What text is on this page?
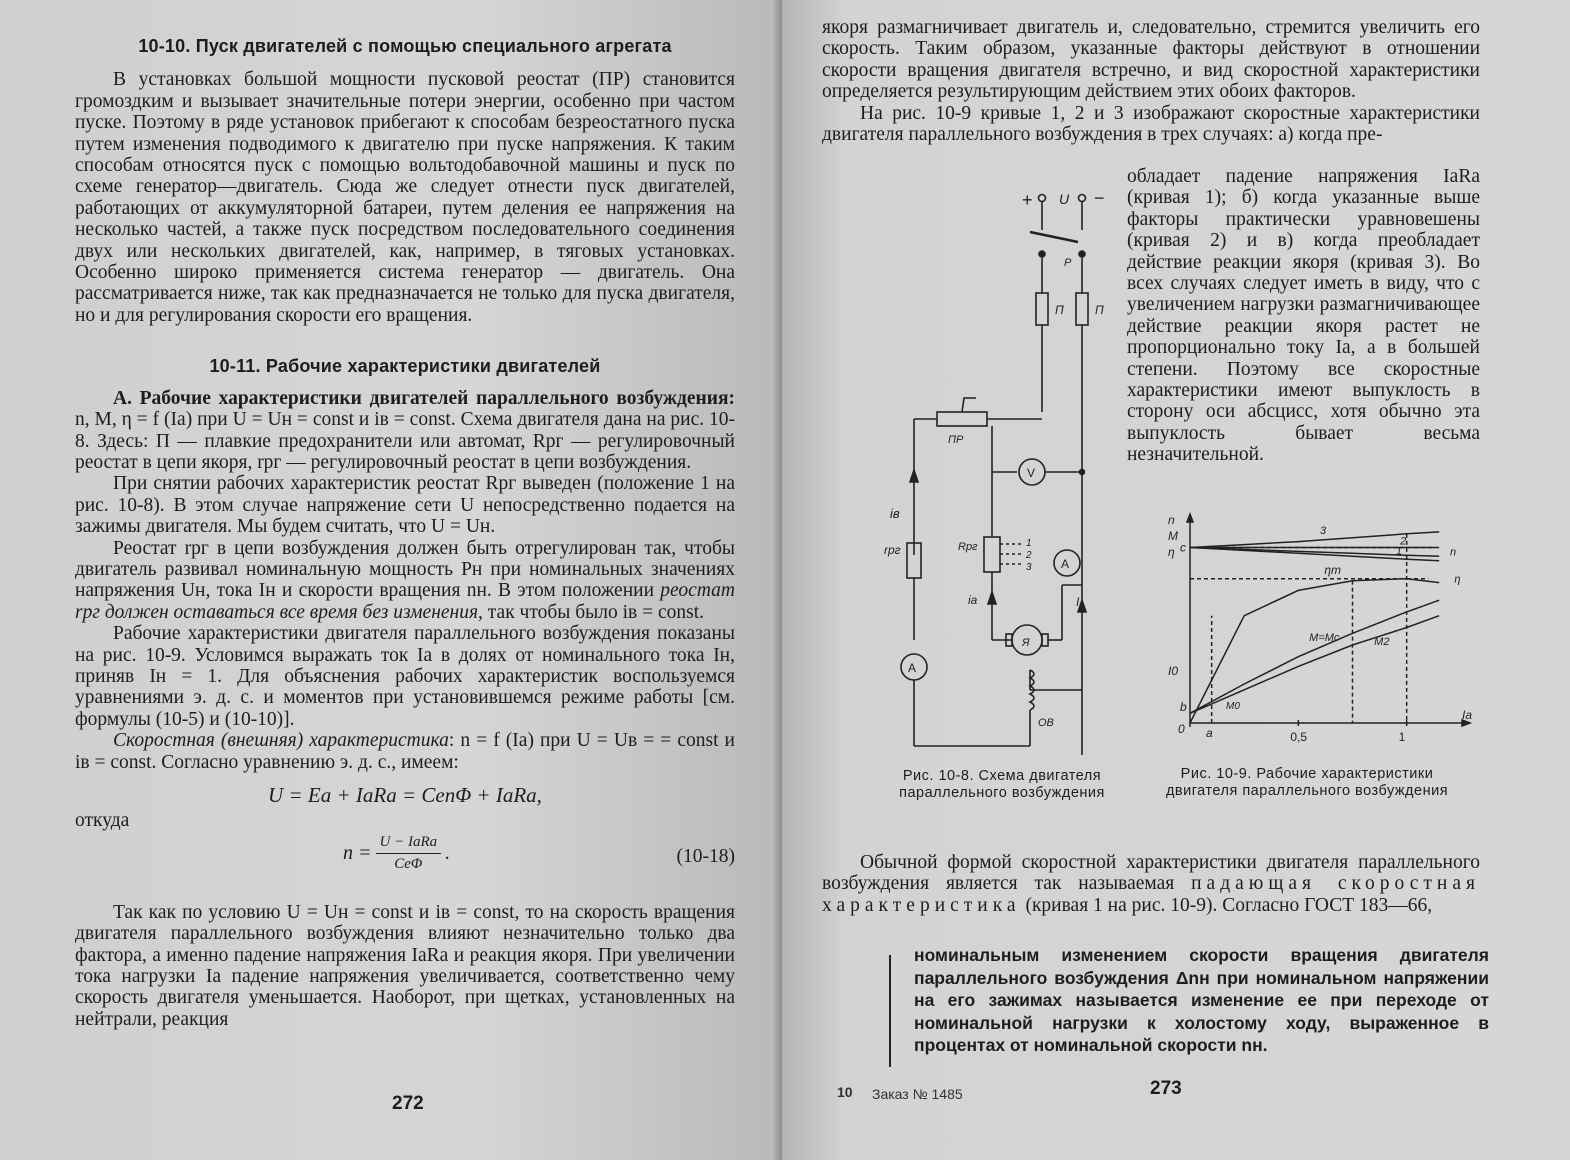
10-10. Пуск двигателей с помощью специального агрегата

В установках большой мощности пусковой реостат (ПР) становится громоздким и вызывает значительные потери энергии, особенно при частом пуске. Поэтому в ряде установок прибегают к способам безреостатного пуска путем изменения подводимого к двигателю при пуске напряжения. К таким способам относятся пуск с помощью вольтодобавочной машины и пуск по схеме генератор—двигатель. Сюда же следует отнести пуск двигателей, работающих от аккумуляторной батареи, путем деления ее напряжения на несколько частей, а также пуск посредством последовательного соединения двух или нескольких двигателей, как, например, в тяговых установках. Особенно широко применяется система генератор — двигатель. Она рассматривается ниже, так как предназначается не только для пуска двигателя, но и для регулирования скорости его вращения.

10-11. Рабочие характеристики двигателей

А. Рабочие характеристики двигателей параллельного возбуждения: n, M, η = f (Iа) при U = Uн = const и iв = const. Схема двигателя дана на рис. 10-8. Здесь: П — плавкие предохранители или автомат, Rрг — регулировочный реостат в цепи якоря, rрг — регулировочный реостат в цепи возбуждения.

При снятии рабочих характеристик реостат Rрг выведен (положение 1 на рис. 10-8). В этом случае напряжение сети U непосредственно подается на зажимы двигателя. Мы будем считать, что U = Uн.

Реостат rрг в цепи возбуждения должен быть отрегулирован так, чтобы двигатель развивал номинальную мощность Pн при номинальных значениях напряжения Uн, тока Iн и скорости вращения nн. В этом положении реостат rрг должен оставаться все время без изменения, так чтобы было iв = const.

Рабочие характеристики двигателя параллельного возбуждения показаны на рис. 10-9. Условимся выражать ток Iа в долях от номинального тока Iн, приняв Iн = 1. Для объяснения рабочих характеристик воспользуемся уравнениями э. д. с. и моментов при установившемся режиме работы [см. формулы (10-5) и (10-10)].

Скоростная (внешняя) характеристика: n = f (Iа) при U = Uв = = const и iв = const. Согласно уравнению э. д. с., имеем:

U = Eа + IаRа = CеnΦ + IаRа,
откуда
n =
U − IаRа
CеΦ
.	(10-18)

Так как по условию U = Uн = const и iв = const, то на скорость вращения двигателя параллельного возбуждения влияют незначительно только два фактора, а именно падение напряжения IаRа и реакция якоря. При увеличении тока нагрузки Iа падение напряжения увеличивается, соответственно чему скорость двигателя уменьшается. Наоборот, при щетках, установленных на нейтрали, реакция

272

якоря размагничивает двигатель и, следовательно, стремится увеличить его скорость. Таким образом, указанные факторы действуют в отношении скорости вращения двигателя встречно, и вид скоростной характеристики определяется результирующим действием этих обоих факторов.

На рис. 10-9 кривые 1, 2 и 3 изображают скоростные характеристики двигателя параллельного возбуждения в трех случаях: а) когда пре-

обладает падение напряжения IаRа (кривая 1); б) когда указанные выше факторы практически уравновешены (кривая 2) и в) когда преобладает действие реакции якоря (кривая 3). Во всех случаях следует иметь в виду, что с увеличением нагрузки размагничивающее действие реакции якоря растет не пропорционально току Iа, а в большей степени. Поэтому все скоростные характеристики имеют выпуклость в сторону оси абсцисс, хотя обычно эта выпуклость бывает весьма незначительной.

+ U −
P
П	П
ПР
V
iв
rрг
A
Rрг	1
2
3
iа
Я
A
I
ОВ
n
M
η
Iа
0,5	1
0 a
b
c
I0
M0
1
2
3
n
η
M=Mc	M2
ηm
Рис. 10-8. Схема двигателя параллельного возбуждения
Рис. 10-9. Рабочие характеристики двигателя параллельного возбуждения

Обычной формой скоростной характеристики двигателя параллельного возбуждения является так называемая падающая скоростная характеристика (кривая 1 на рис. 10-9). Согласно ГОСТ 183—66,

номинальным изменением скорости вращения двигателя параллельного возбуждения Δnн при номинальном напряжении на его зажимах называется изменение ее при переходе от номинальной нагрузки к холостому ходу, выраженное в процентах от номинальной скорости nн.
10 Заказ № 1485	273
